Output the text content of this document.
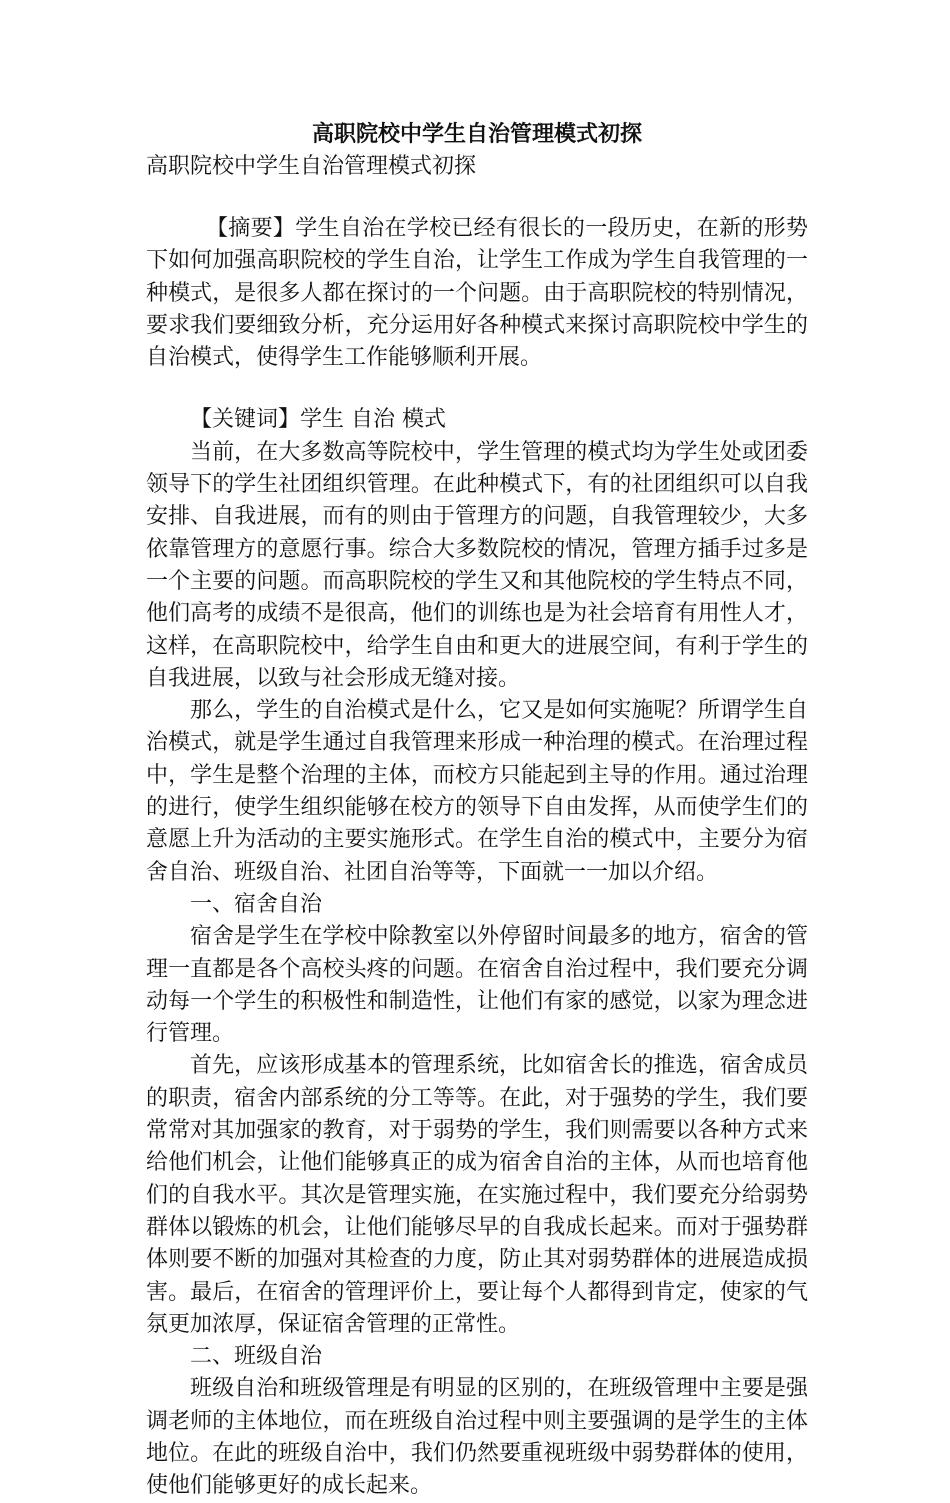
高职院校中学生自治管理模式初探

高职院校中学生自治管理模式初探

【摘要】学生自治在学校已经有很长的一段历史，在新的形势下如何加强高职院校的学生自治，让学生工作成为学生自我管理的一种模式，是很多人都在探讨的一个问题。由于高职院校的特别情况，要求我们要细致分析，充分运用好各种模式来探讨高职院校中学生的自治模式，使得学生工作能够顺利开展。

【关键词】学生 自治 模式

当前，在大多数高等院校中，学生管理的模式均为学生处或团委领导下的学生社团组织管理。在此种模式下，有的社团组织可以自我安排、自我进展，而有的则由于管理方的问题，自我管理较少，大多依靠管理方的意愿行事。综合大多数院校的情况，管理方插手过多是一个主要的问题。而高职院校的学生又和其他院校的学生特点不同，他们高考的成绩不是很高，他们的训练也是为社会培育有用性人才，这样，在高职院校中，给学生自由和更大的进展空间，有利于学生的自我进展，以致与社会形成无缝对接。

那么，学生的自治模式是什么，它又是如何实施呢？所谓学生自治模式，就是学生通过自我管理来形成一种治理的模式。在治理过程中，学生是整个治理的主体，而校方只能起到主导的作用。通过治理的进行，使学生组织能够在校方的领导下自由发挥，从而使学生们的意愿上升为活动的主要实施形式。在学生自治的模式中，主要分为宿舍自治、班级自治、社团自治等等，下面就一一加以介绍。

一、宿舍自治

宿舍是学生在学校中除教室以外停留时间最多的地方，宿舍的管理一直都是各个高校头疼的问题。在宿舍自治过程中，我们要充分调动每一个学生的积极性和制造性，让他们有家的感觉，以家为理念进行管理。

首先，应该形成基本的管理系统，比如宿舍长的推选，宿舍成员的职责，宿舍内部系统的分工等等。在此，对于强势的学生，我们要常常对其加强家的教育，对于弱势的学生，我们则需要以各种方式来给他们机会，让他们能够真正的成为宿舍自治的主体，从而也培育他们的自我水平。其次是管理实施，在实施过程中，我们要充分给弱势群体以锻炼的机会，让他们能够尽早的自我成长起来。而对于强势群体则要不断的加强对其检查的力度，防止其对弱势群体的进展造成损害。最后，在宿舍的管理评价上，要让每个人都得到肯定，使家的气氛更加浓厚，保证宿舍管理的正常性。

二、班级自治

班级自治和班级管理是有明显的区别的，在班级管理中主要是强调老师的主体地位，而在班级自治过程中则主要强调的是学生的主体地位。在此的班级自治中，我们仍然要重视班级中弱势群体的使用，使他们能够更好的成长起来。
